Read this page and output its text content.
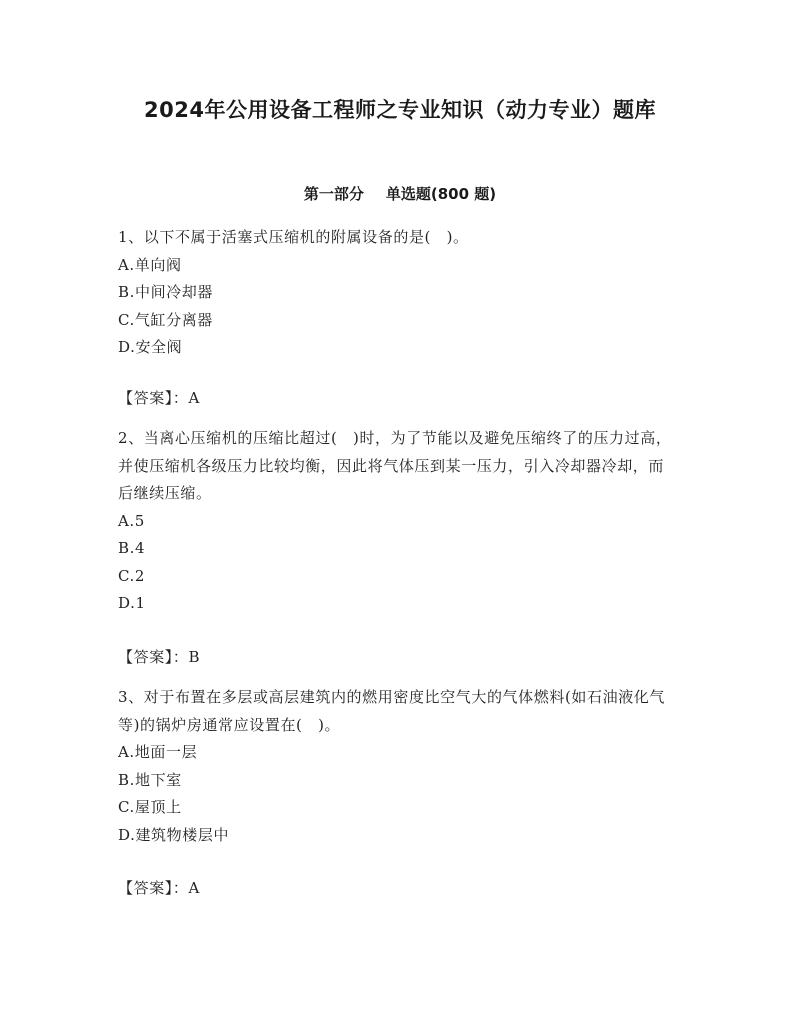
2024年公用设备工程师之专业知识（动力专业）题库
第一部分 单选题(800 题)

1、以下不属于活塞式压缩机的附属设备的是(　)。

A.单向阀

B.中间冷却器

C.气缸分离器

D.安全阀

【答案】：A

2、当离心压缩机的压缩比超过(　)时，为了节能以及避免压缩终了的压力过高，并使压缩机各级压力比较均衡，因此将气体压到某一压力，引入冷却器冷却，而后继续压缩。

A.5

B.4

C.2

D.1

【答案】：B

3、对于布置在多层或高层建筑内的燃用密度比空气大的气体燃料(如石油液化气等)的锅炉房通常应设置在(　)。

A.地面一层

B.地下室

C.屋顶上

D.建筑物楼层中

【答案】：A
